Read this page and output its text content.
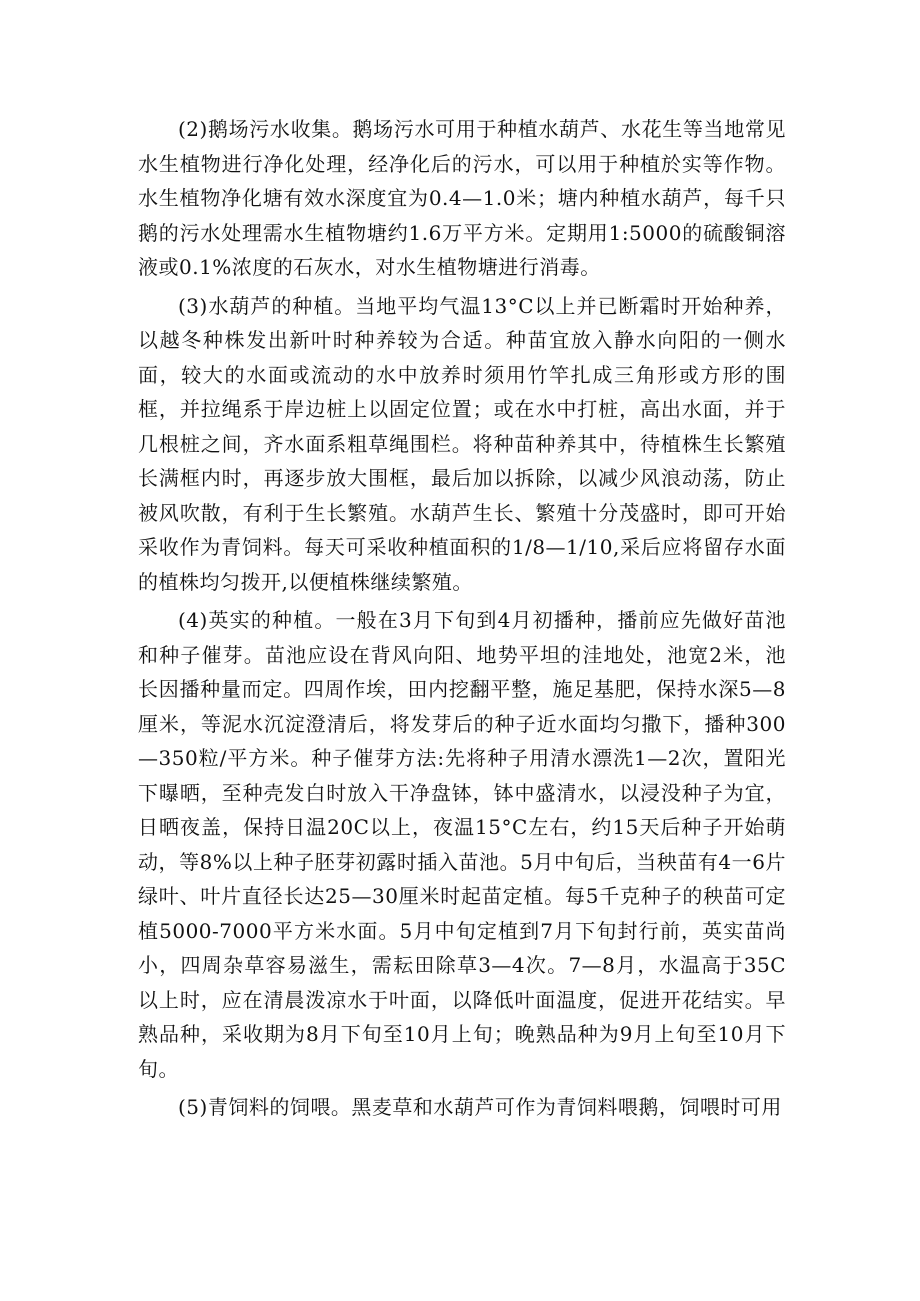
(2)鹅场污水收集。鹅场污水可用于种植水葫芦、水花生等当地常见水生植物进行净化处理，经净化后的污水，可以用于种植於实等作物。水生植物净化塘有效水深度宜为0.4—1.0米；塘内种植水葫芦，每千只鹅的污水处理需水生植物塘约1.6万平方米。定期用1:5000的硫酸铜溶液或0.1%浓度的石灰水，对水生植物塘进行消毒。

(3)水葫芦的种植。当地平均气温13°C以上并已断霜时开始种养，以越冬种株发出新叶时种养较为合适。种苗宜放入静水向阳的一侧水面，较大的水面或流动的水中放养时须用竹竿扎成三角形或方形的围框，并拉绳系于岸边桩上以固定位置；或在水中打桩，高出水面，并于几根桩之间，齐水面系粗草绳围栏。将种苗种养其中，待植株生长繁殖长满框内时，再逐步放大围框，最后加以拆除，以减少风浪动荡，防止被风吹散，有利于生长繁殖。水葫芦生长、繁殖十分茂盛时，即可开始采收作为青饲料。每天可采收种植面积的1/8—1/10,采后应将留存水面的植株均匀拨开,以便植株继续繁殖。

(4)英实的种植。一般在3月下旬到4月初播种，播前应先做好苗池和种子催芽。苗池应设在背风向阳、地势平坦的洼地处，池宽2米，池长因播种量而定。四周作埃，田内挖翻平整，施足基肥，保持水深5—8厘米，等泥水沉淀澄清后，将发芽后的种子近水面均匀撒下，播种300—350粒/平方米。种子催芽方法:先将种子用清水漂洗1—2次，置阳光下曝晒，至种壳发白时放入干净盘钵，钵中盛清水，以浸没种子为宜，日晒夜盖，保持日温20C以上，夜温15°C左右，约15天后种子开始萌动，等8%以上种子胚芽初露时插入苗池。5月中旬后，当秧苗有4一6片绿叶、叶片直径长达25—30厘米时起苗定植。每5千克种子的秧苗可定植5000-7000平方米水面。5月中旬定植到7月下旬封行前，英实苗尚小，四周杂草容易滋生，需耘田除草3—4次。7—8月，水温高于35C以上时，应在清晨泼凉水于叶面，以降低叶面温度，促进开花结实。早熟品种，采收期为8月下旬至10月上旬；晚熟品种为9月上旬至10月下旬。

(5)青饲料的饲喂。黑麦草和水葫芦可作为青饲料喂鹅，饲喂时可用
